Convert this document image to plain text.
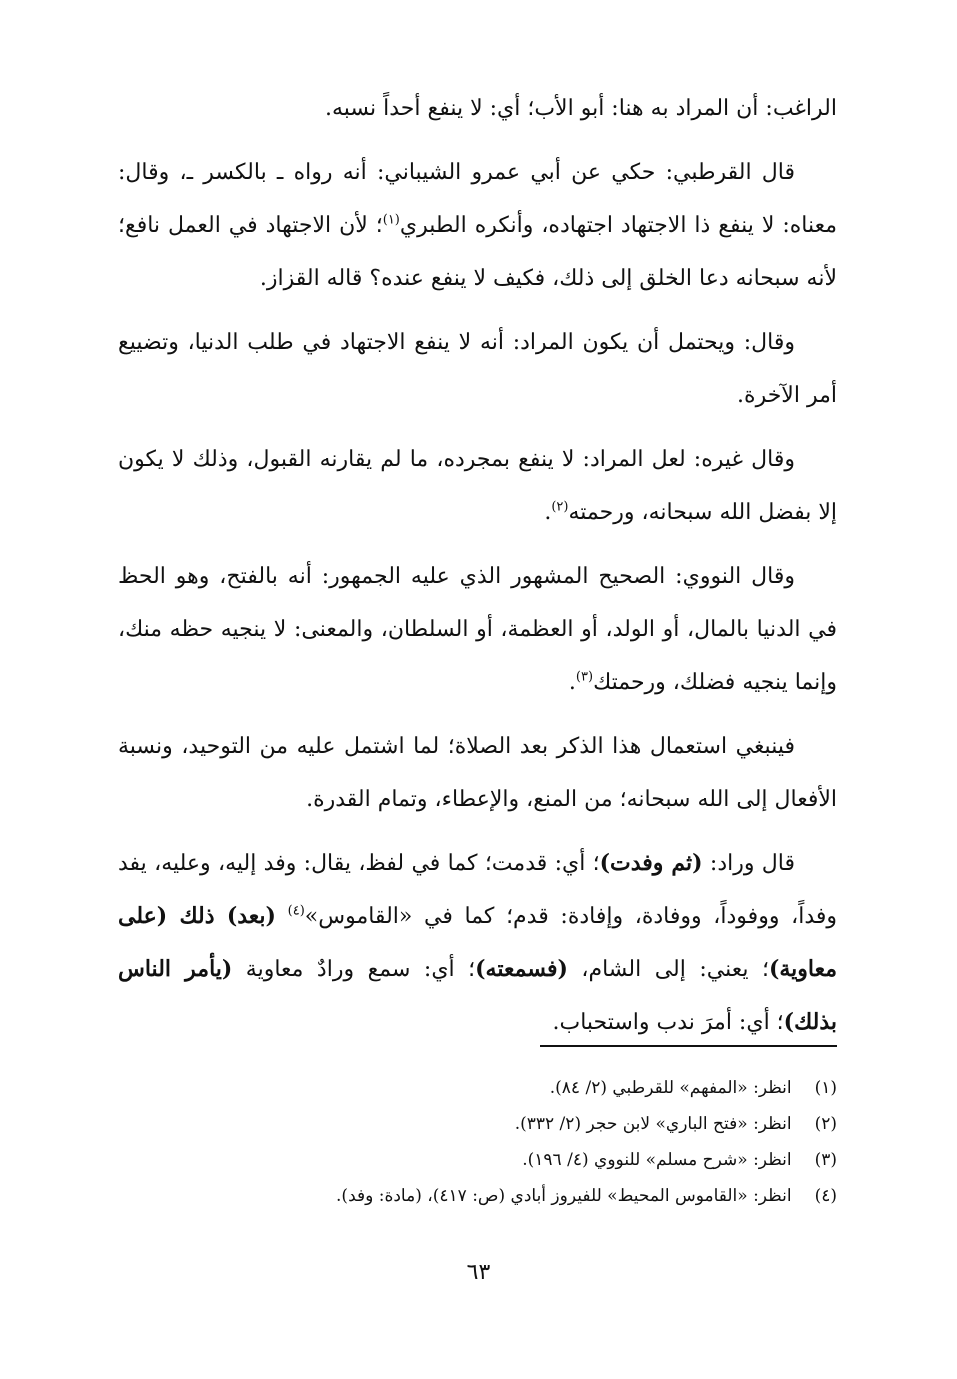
الراغب: أن المراد به هنا: أبو الأب؛ أي: لا ينفع أحداً نسبه.

قال القرطبي: حكي عن أبي عمرو الشيباني: أنه رواه ـ بالكسر ـ، وقال: معناه: لا ينفع ذا الاجتهاد اجتهاده، وأنكره الطبري$^{(١)}$؛ لأن الاجتهاد في العمل نافع؛ لأنه سبحانه دعا الخلق إلى ذلك، فكيف لا ينفع عنده؟ قاله القزاز.

وقال: ويحتمل أن يكون المراد: أنه لا ينفع الاجتهاد في طلب الدنيا، وتضييع أمر الآخرة.

وقال غيره: لعل المراد: لا ينفع بمجرده، ما لم يقارنه القبول، وذلك لا يكون إلا بفضل الله سبحانه، ورحمته$^{(٢)}$.

وقال النووي: الصحيح المشهور الذي عليه الجمهور: أنه بالفتح، وهو الحظ في الدنيا بالمال، أو الولد، أو العظمة، أو السلطان، والمعنى: لا ينجيه حظه منك، وإنما ينجيه فضلك، ورحمتك$^{(٣)}$.

فينبغي استعمال هذا الذكر بعد الصلاة؛ لما اشتمل عليه من التوحيد، ونسبة الأفعال إلى الله سبحانه؛ من المنع، والإعطاء، وتمام القدرة.

قال وراد: (ثم وفدت)؛ أي: قدمت؛ كما في لفظ، يقال: وفد إليه، وعليه، يفد وفداً، ووفوداً، ووفادة، وإفادة: قدم؛ كما في «القاموس»$^{(٤)}$ (بعد) ذلك (على معاوية)؛ يعني: إلى الشام، (فسمعته)؛ أي: سمع ورادٌ معاوية (يأمر الناس بذلك)؛ أي: أمرَ ندب واستحباب.

(١) انظر: «المفهم» للقرطبي (٢/ ٨٤).
(٢) انظر: «فتح الباري» لابن حجر (٢/ ٣٣٢).
(٣) انظر: «شرح مسلم» للنووي (٤/ ١٩٦).
(٤) انظر: «القاموس المحيط» للفيروز أبادي (ص: ٤١٧)، (مادة: وفد).
٦٣
